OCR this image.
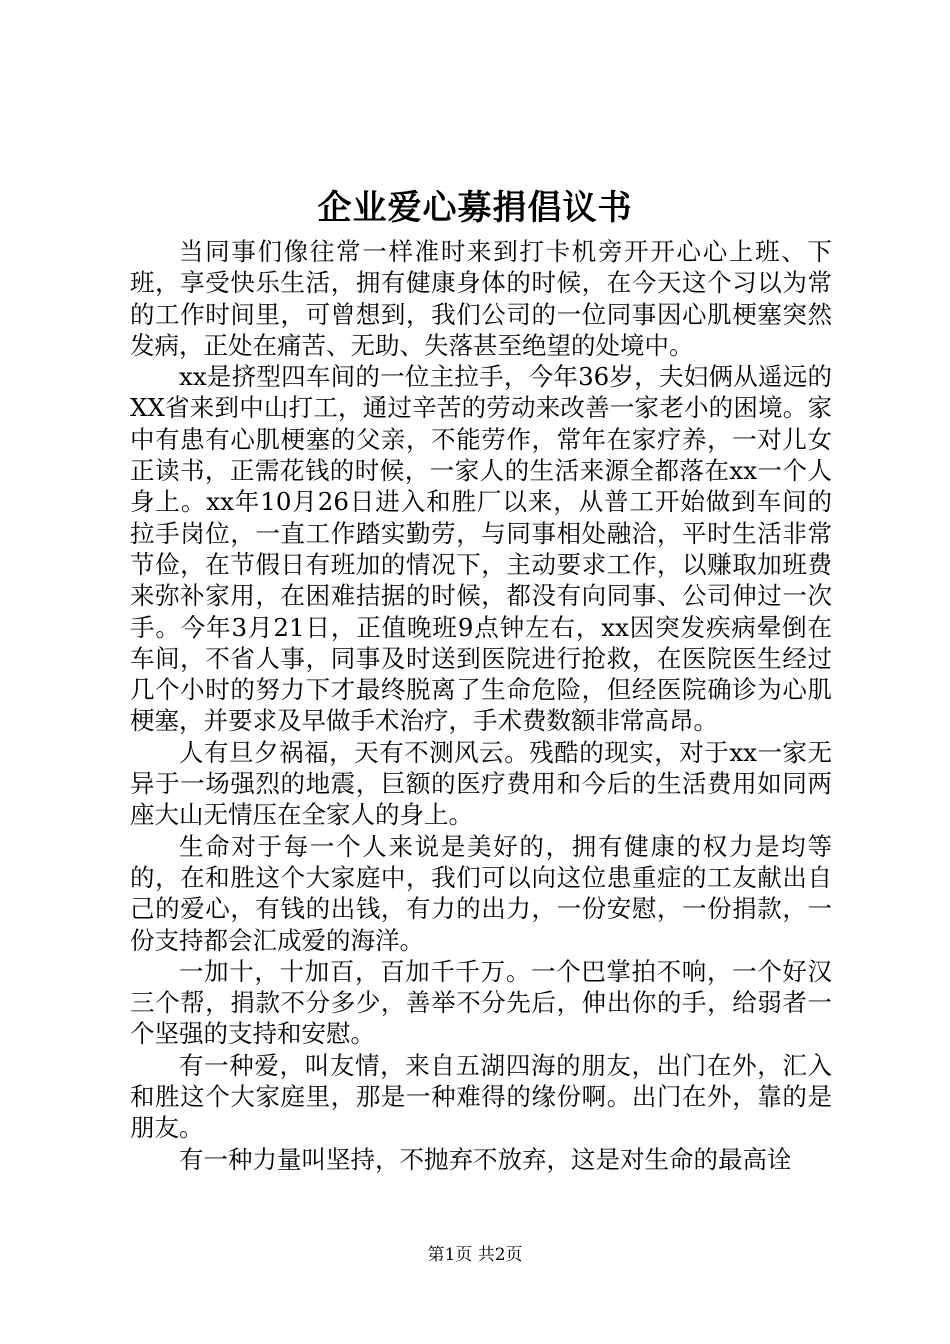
企业爱心募捐倡议书

当同事们像往常一样准时来到打卡机旁开开心心上班、下班，享受快乐生活，拥有健康身体的时候，在今天这个习以为常的工作时间里，可曾想到，我们公司的一位同事因心肌梗塞突然发病，正处在痛苦、无助、失落甚至绝望的处境中。

xx是挤型四车间的一位主拉手，今年36岁，夫妇俩从遥远的XX省来到中山打工，通过辛苦的劳动来改善一家老小的困境。家中有患有心肌梗塞的父亲，不能劳作，常年在家疗养，一对儿女正读书，正需花钱的时候，一家人的生活来源全都落在xx一个人身上。xx年10月26日进入和胜厂以来，从普工开始做到车间的拉手岗位，一直工作踏实勤劳，与同事相处融洽，平时生活非常节俭，在节假日有班加的情况下，主动要求工作，以赚取加班费来弥补家用，在困难拮据的时候，都没有向同事、公司伸过一次手。今年3月21日，正值晚班9点钟左右，xx因突发疾病晕倒在车间，不省人事，同事及时送到医院进行抢救，在医院医生经过几个小时的努力下才最终脱离了生命危险，但经医院确诊为心肌梗塞，并要求及早做手术治疗，手术费数额非常高昂。

人有旦夕祸福，天有不测风云。残酷的现实，对于xx一家无异于一场强烈的地震，巨额的医疗费用和今后的生活费用如同两座大山无情压在全家人的身上。

生命对于每一个人来说是美好的，拥有健康的权力是均等的，在和胜这个大家庭中，我们可以向这位患重症的工友献出自己的爱心，有钱的出钱，有力的出力，一份安慰，一份捐款，一份支持都会汇成爱的海洋。

一加十，十加百，百加千千万。一个巴掌拍不响，一个好汉三个帮，捐款不分多少，善举不分先后，伸出你的手，给弱者一个坚强的支持和安慰。

有一种爱，叫友情，来自五湖四海的朋友，出门在外，汇入和胜这个大家庭里，那是一种难得的缘份啊。出门在外，靠的是朋友。

有一种力量叫坚持，不抛弃不放弃，这是对生命的最高诠

第1页 共2页
